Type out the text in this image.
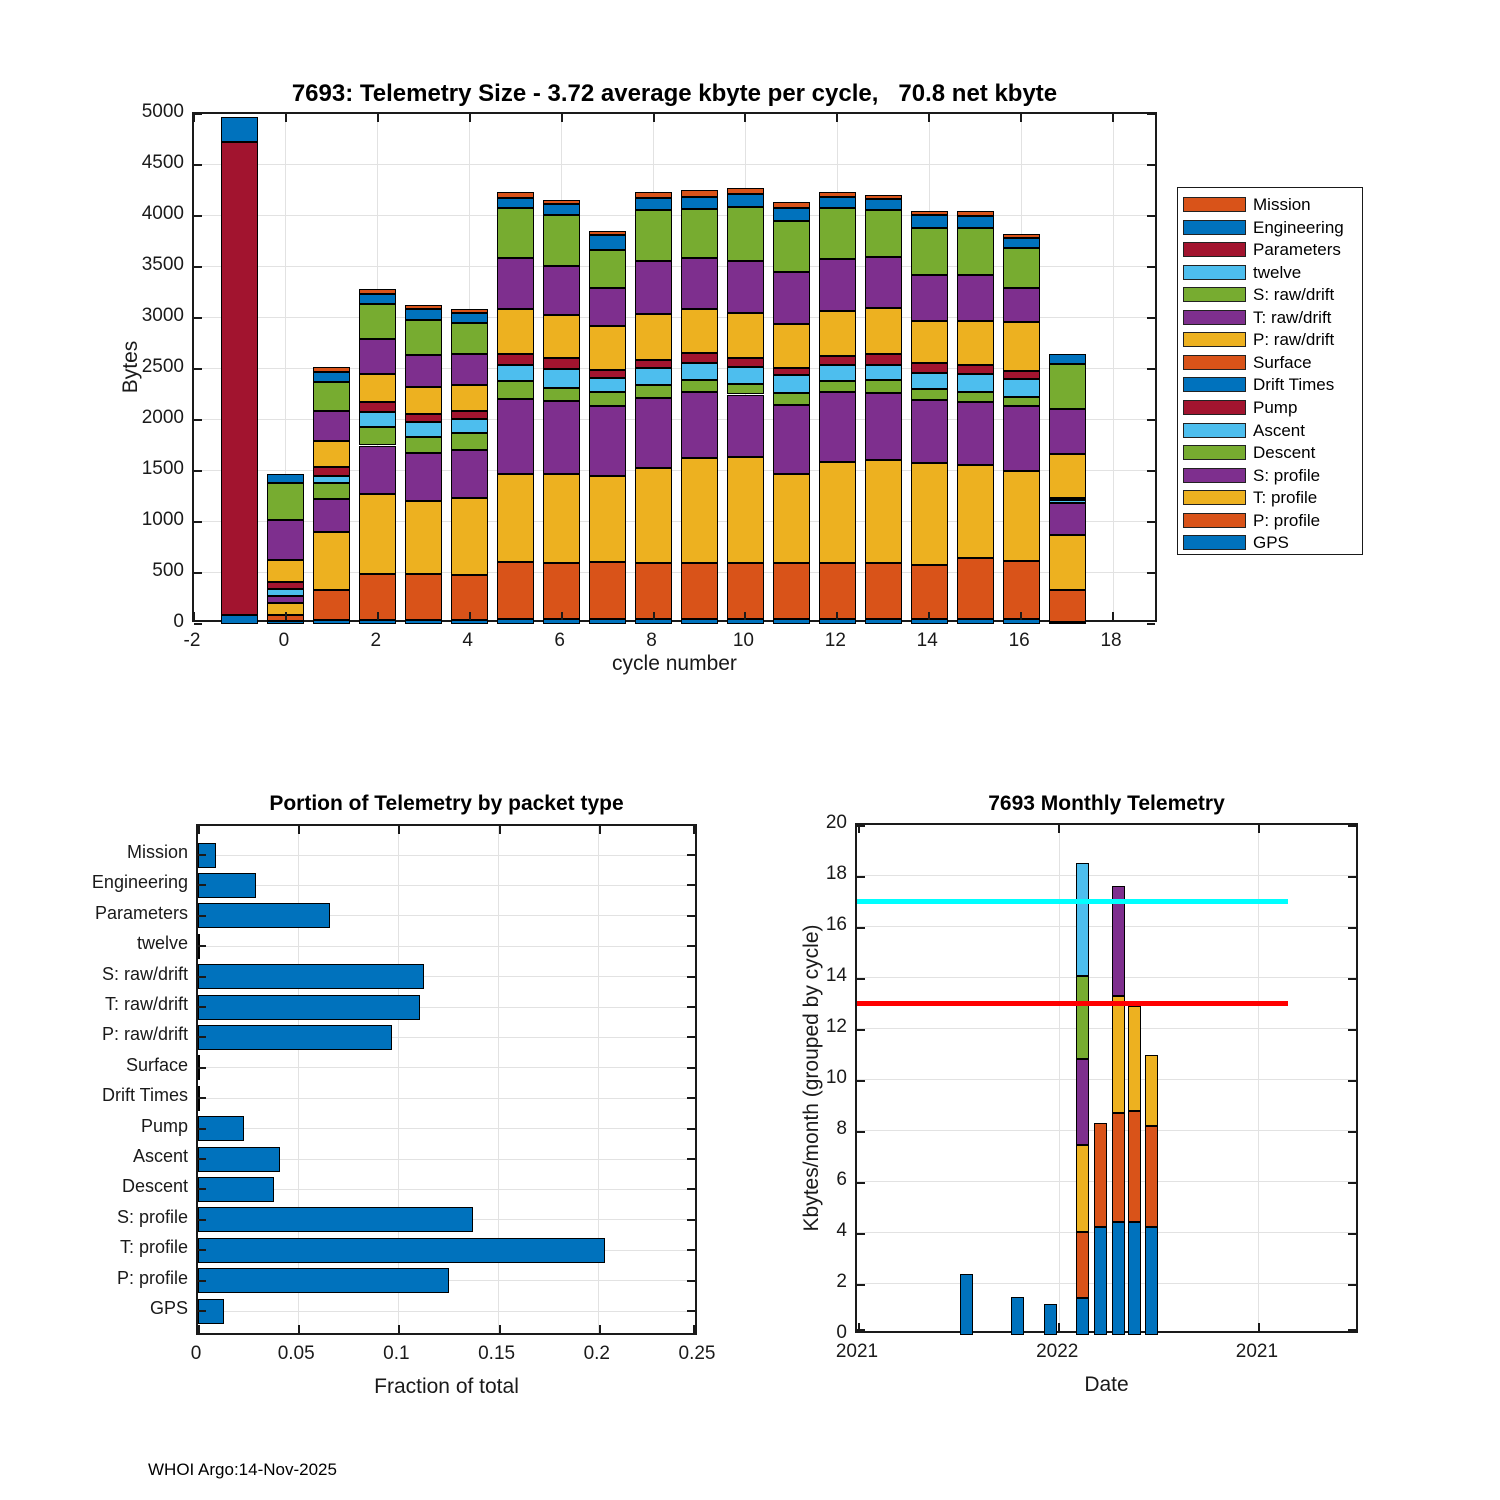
7693: Telemetry Size - 3.72 average kbyte per cycle,   70.8 net kbyte
Bytes
cycle number
Mission
Engineering
Parameters
twelve
S: raw/drift
T: raw/drift
P: raw/drift
Surface
Drift Times
Pump
Ascent
Descent
S: profile
T: profile
P: profile
GPS
Portion of Telemetry by packet type
Fraction of total
7693 Monthly Telemetry
Kbytes/month (grouped by cycle)
Date
WHOI Argo:14-Nov-2025
-2	0	2	4	6	8	10	12	14	16	18
0
500
1000
1500
2000
2500
3000
3500
4000
4500
5000
0	0.05	0.1	0.15	0.2	0.25
Mission
Engineering
Parameters
twelve
S: raw/drift
T: raw/drift
P: raw/drift
Surface
Drift Times
Pump
Ascent
Descent
S: profile
T: profile
P: profile
GPS
0
2
4
6
8
10
12
14
16
18
20
2021	2022	2021
